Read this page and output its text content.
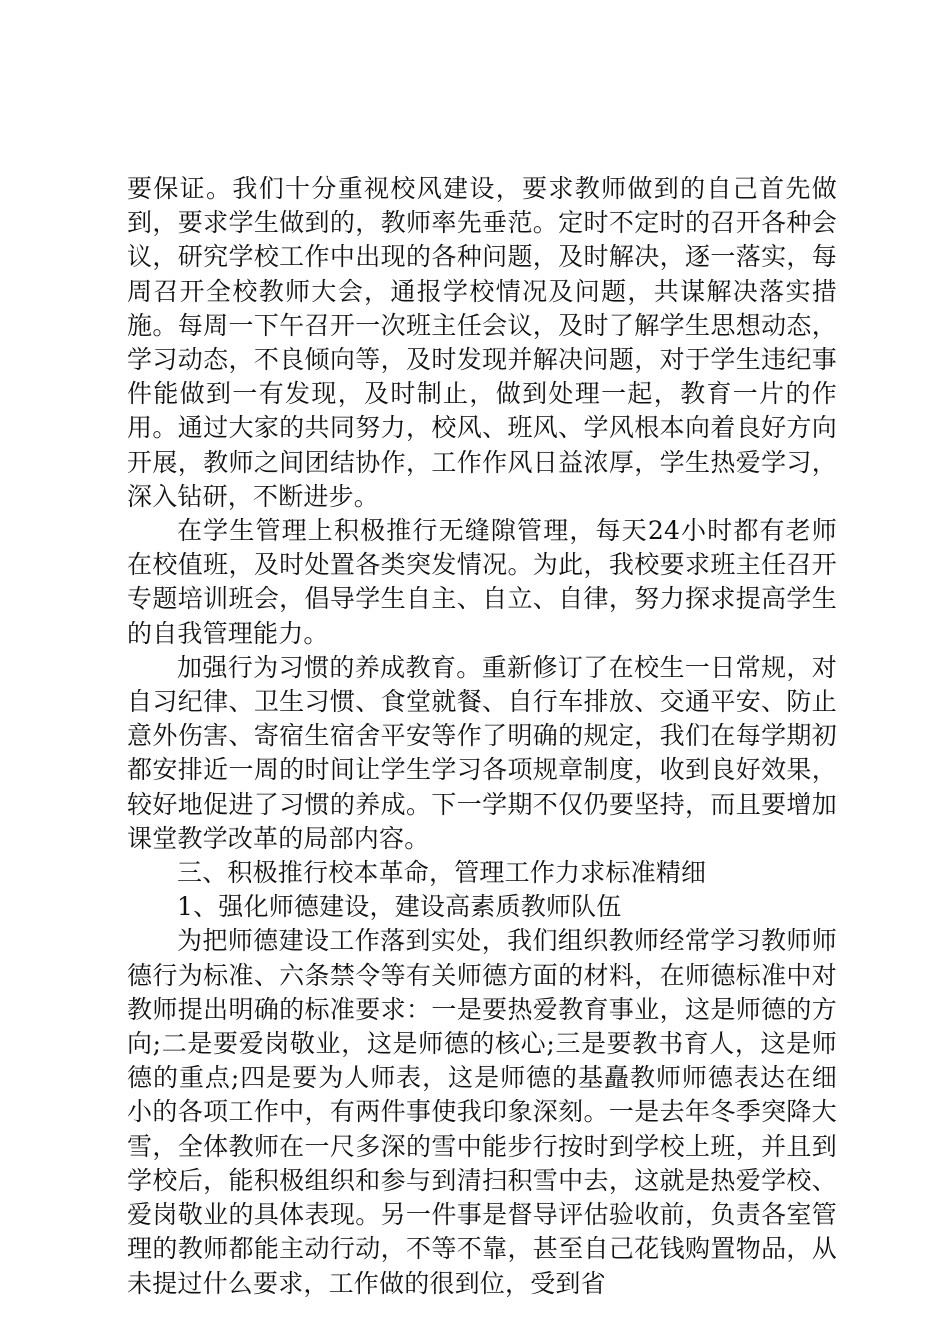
要保证。我们十分重视校风建设，要求教师做到的自己首先做到，要求学生做到的，教师率先垂范。定时不定时的召开各种会议，研究学校工作中出现的各种问题，及时解决，逐一落实，每周召开全校教师大会，通报学校情况及问题，共谋解决落实措施。每周一下午召开一次班主任会议，及时了解学生思想动态，学习动态，不良倾向等，及时发现并解决问题，对于学生违纪事件能做到一有发现，及时制止，做到处理一起，教育一片的作用。通过大家的共同努力，校风、班风、学风根本向着良好方向开展，教师之间团结协作，工作作风日益浓厚，学生热爱学习，深入钻研，不断进步。

在学生管理上积极推行无缝隙管理，每天24小时都有老师在校值班，及时处置各类突发情况。为此，我校要求班主任召开专题培训班会，倡导学生自主、自立、自律，努力探求提高学生的自我管理能力。

加强行为习惯的养成教育。重新修订了在校生一日常规，对自习纪律、卫生习惯、食堂就餐、自行车排放、交通平安、防止意外伤害、寄宿生宿舍平安等作了明确的规定，我们在每学期初都安排近一周的时间让学生学习各项规章制度，收到良好效果，较好地促进了习惯的养成。下一学期不仅仍要坚持，而且要增加课堂教学改革的局部内容。

三、积极推行校本革命，管理工作力求标准精细

1、强化师德建设，建设高素质教师队伍

为把师德建设工作落到实处，我们组织教师经常学习教师师德行为标准、六条禁令等有关师德方面的材料，在师德标准中对教师提出明确的标准要求：一是要热爱教育事业，这是师德的方向;二是要爱岗敬业，这是师德的核心;三是要教书育人，这是师德的重点;四是要为人师表，这是师德的基矗教师师德表达在细小的各项工作中，有两件事使我印象深刻。一是去年冬季突降大雪，全体教师在一尺多深的雪中能步行按时到学校上班，并且到学校后，能积极组织和参与到清扫积雪中去，这就是热爱学校、爱岗敬业的具体表现。另一件事是督导评估验收前，负责各室管理的教师都能主动行动，不等不靠，甚至自己花钱购置物品，从未提过什么要求，工作做的很到位，受到省
